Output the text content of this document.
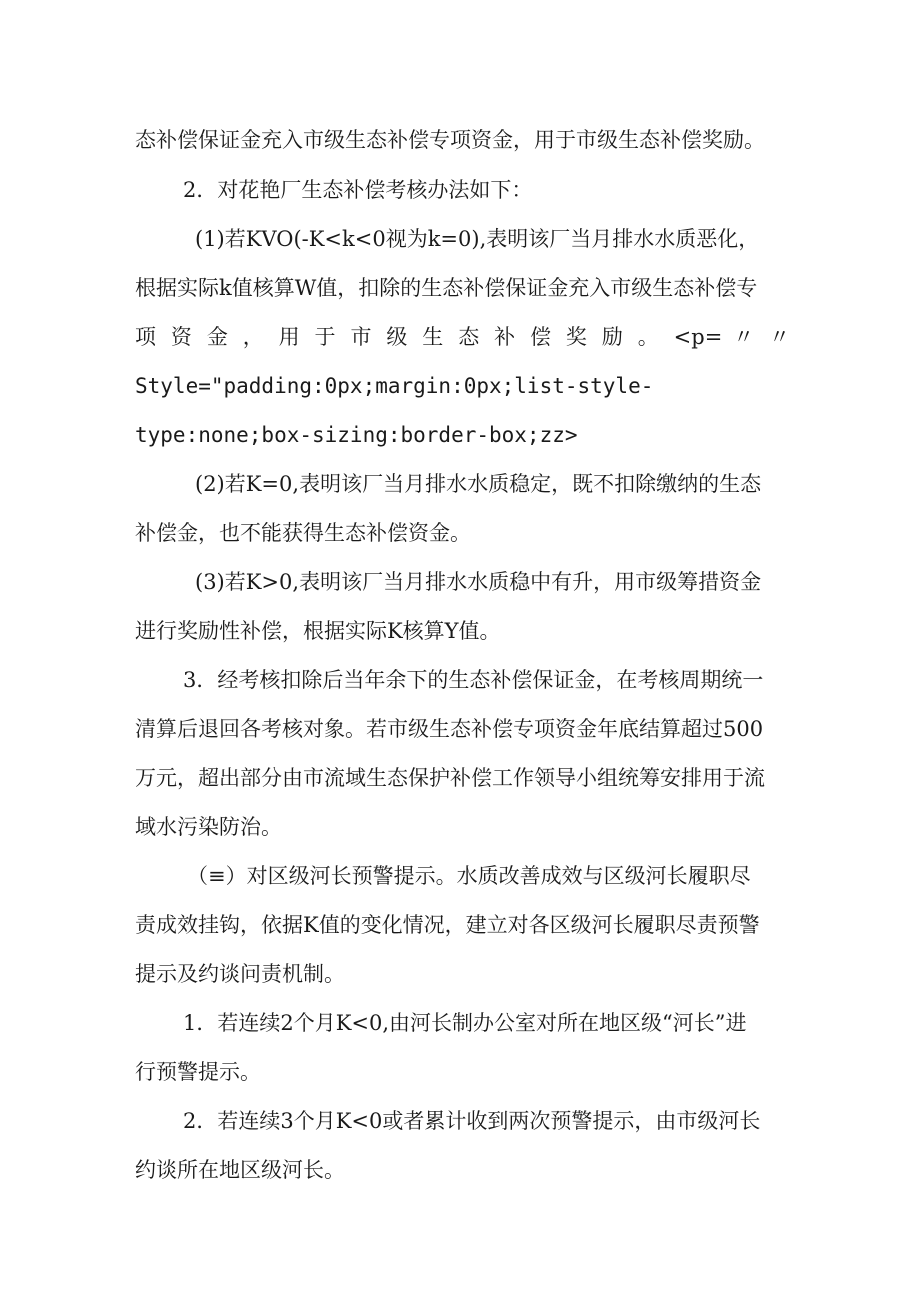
态补偿保证金充入市级生态补偿专项资金，用于市级生态补偿奖励。
2．对花艳厂生态补偿考核办法如下：
(1)若KVO(-K<k<0视为k=0),表明该厂当月排水水质恶化，
根据实际k值核算W值，扣除的生态补偿保证金充入市级生态补偿专
项 资 金 ， 用 于 市 级 生 态 补 偿 奖 励 。 <p= 〃 〃
Style="padding:0px;margin:0px;list-style-
type:none;box-sizing:border-box;zz>
(2)若K=0,表明该厂当月排水水质稳定，既不扣除缴纳的生态
补偿金，也不能获得生态补偿资金。
(3)若K>0,表明该厂当月排水水质稳中有升，用市级筹措资金
进行奖励性补偿，根据实际K核算Y值。
3．经考核扣除后当年余下的生态补偿保证金，在考核周期统一
清算后退回各考核对象。若市级生态补偿专项资金年底结算超过500
万元，超出部分由市流域生态保护补偿工作领导小组统筹安排用于流
域水污染防治。
（≡）对区级河长预警提示。水质改善成效与区级河长履职尽
责成效挂钩，依据K值的变化情况，建立对各区级河长履职尽责预警
提示及约谈问责机制。
1．若连续2个月K<0,由河长制办公室对所在地区级“河长”进
行预警提示。
2．若连续3个月K<0或者累计收到两次预警提示，由市级河长
约谈所在地区级河长。
